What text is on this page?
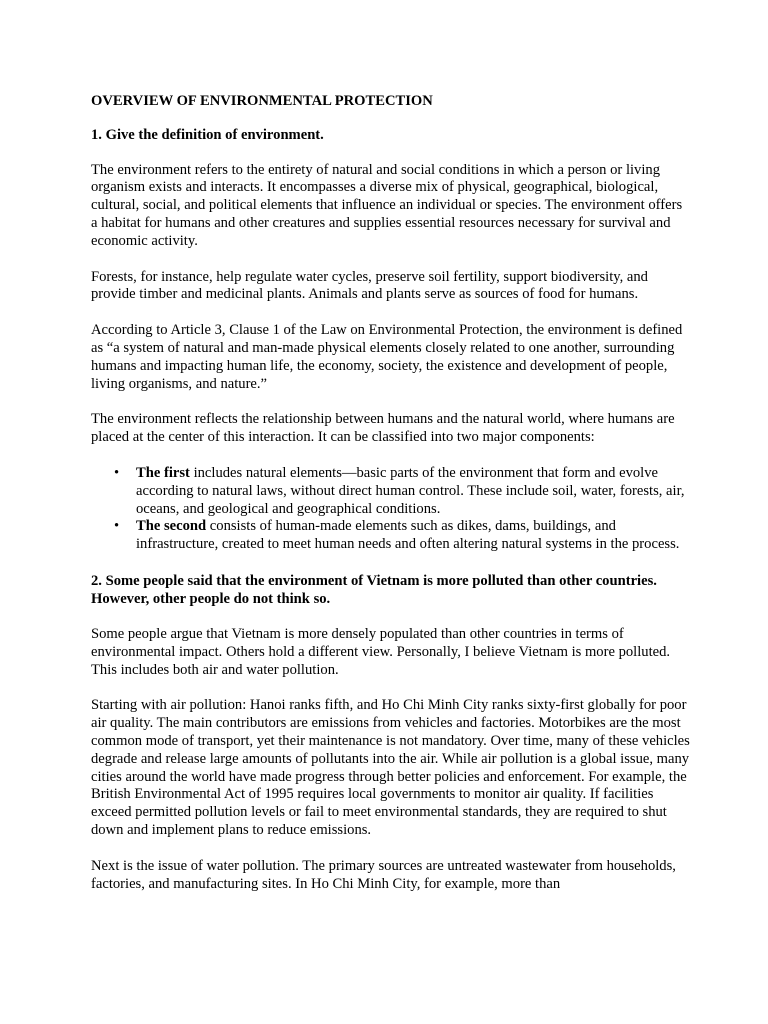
OVERVIEW OF ENVIRONMENTAL PROTECTION
1. Give the definition of environment.

The environment refers to the entirety of natural and social conditions in which a person or living organism exists and interacts. It encompasses a diverse mix of physical, geographical, biological, cultural, social, and political elements that influence an individual or species. The environment offers a habitat for humans and other creatures and supplies essential resources necessary for survival and economic activity.

Forests, for instance, help regulate water cycles, preserve soil fertility, support biodiversity, and provide timber and medicinal plants. Animals and plants serve as sources of food for humans.

According to Article 3, Clause 1 of the Law on Environmental Protection, the environment is defined as “a system of natural and man-made physical elements closely related to one another, surrounding humans and impacting human life, the economy, society, the existence and development of people, living organisms, and nature.”

The environment reflects the relationship between humans and the natural world, where humans are placed at the center of this interaction. It can be classified into two major components:

• The first includes natural elements—basic parts of the environment that form and evolve according to natural laws, without direct human control. These include soil, water, forests, air, oceans, and geological and geographical conditions.
• The second consists of human-made elements such as dikes, dams, buildings, and infrastructure, created to meet human needs and often altering natural systems in the process.
2. Some people said that the environment of Vietnam is more polluted than other countries. However, other people do not think so.

Some people argue that Vietnam is more densely populated than other countries in terms of environmental impact. Others hold a different view. Personally, I believe Vietnam is more polluted. This includes both air and water pollution.

Starting with air pollution: Hanoi ranks fifth, and Ho Chi Minh City ranks sixty-first globally for poor air quality. The main contributors are emissions from vehicles and factories. Motorbikes are the most common mode of transport, yet their maintenance is not mandatory. Over time, many of these vehicles degrade and release large amounts of pollutants into the air. While air pollution is a global issue, many cities around the world have made progress through better policies and enforcement. For example, the British Environmental Act of 1995 requires local governments to monitor air quality. If facilities exceed permitted pollution levels or fail to meet environmental standards, they are required to shut down and implement plans to reduce emissions.

Next is the issue of water pollution. The primary sources are untreated wastewater from households, factories, and manufacturing sites. In Ho Chi Minh City, for example, more than
